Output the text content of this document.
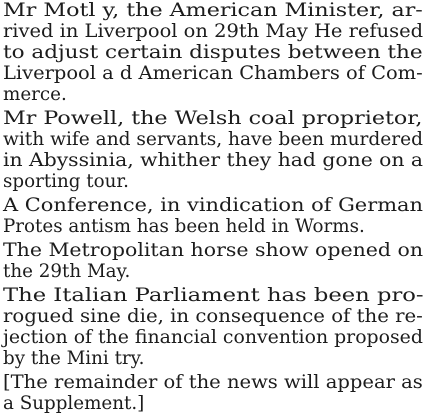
Mr Motl y, the American Minister, ar-
rived in Liverpool on 29th May He refused
to adjust certain disputes between the
Liverpool a d American Chambers of Com-
merce.
Mr Powell, the Welsh coal proprietor,
with wife and servants, have been murdered
in Abyssinia, whither they had gone on a
sporting tour.
A Conference, in vindication of German
Protes antism has been held in Worms.
The Metropolitan horse show opened on
the 29th May.
The Italian Parliament has been pro-
rogued sine die, in consequence of the re-
jection of the financial convention proposed
by the Mini try.
[The remainder of the news will appear as
a Supplement.]
